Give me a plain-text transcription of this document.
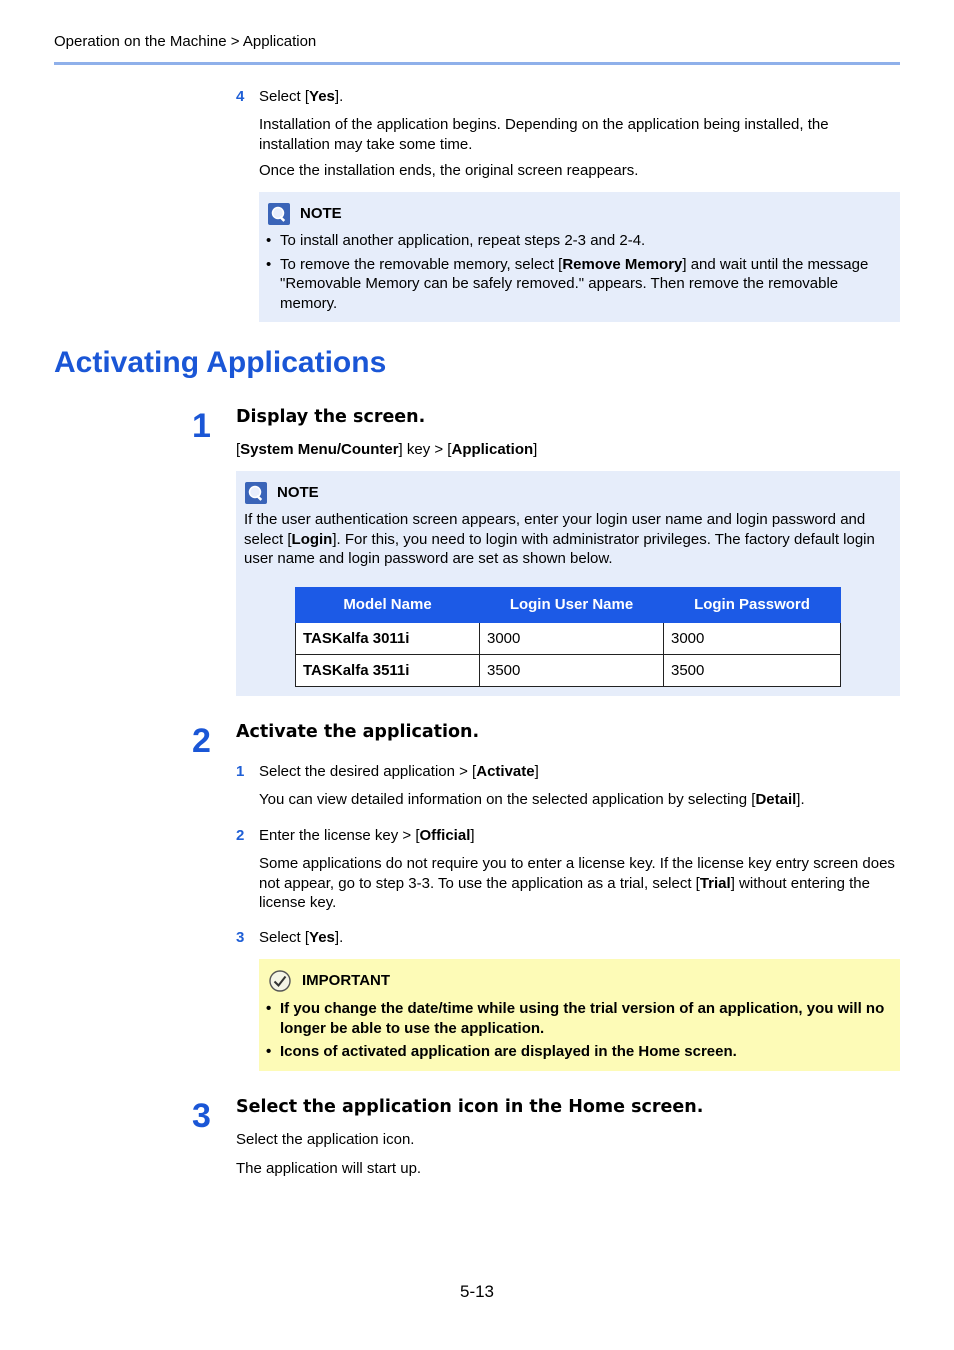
Operation on the Machine > Application
4 Select [Yes].
Installation of the application begins. Depending on the application being installed, the installation may take some time.
Once the installation ends, the original screen reappears.
NOTE
• To install another application, repeat steps 2-3 and 2-4.
• To remove the removable memory, select [Remove Memory] and wait until the message "Removable Memory can be safely removed." appears. Then remove the removable memory.
Activating Applications
1 Display the screen.
[System Menu/Counter] key > [Application]
NOTE
If the user authentication screen appears, enter your login user name and login password and select [Login]. For this, you need to login with administrator privileges. The factory default login user name and login password are set as shown below.
Model Name	Login User Name	Login Password
TASKalfa 3011i	3000	3000
TASKalfa 3511i	3500	3500
2 Activate the application.
1 Select the desired application > [Activate]
You can view detailed information on the selected application by selecting [Detail].
2 Enter the license key > [Official]
Some applications do not require you to enter a license key. If the license key entry screen does not appear, go to step 3-3. To use the application as a trial, select [Trial] without entering the license key.
3 Select [Yes].
IMPORTANT
• If you change the date/time while using the trial version of an application, you will no longer be able to use the application.
• Icons of activated application are displayed in the Home screen.
3 Select the application icon in the Home screen.
Select the application icon.
The application will start up.
5-13
